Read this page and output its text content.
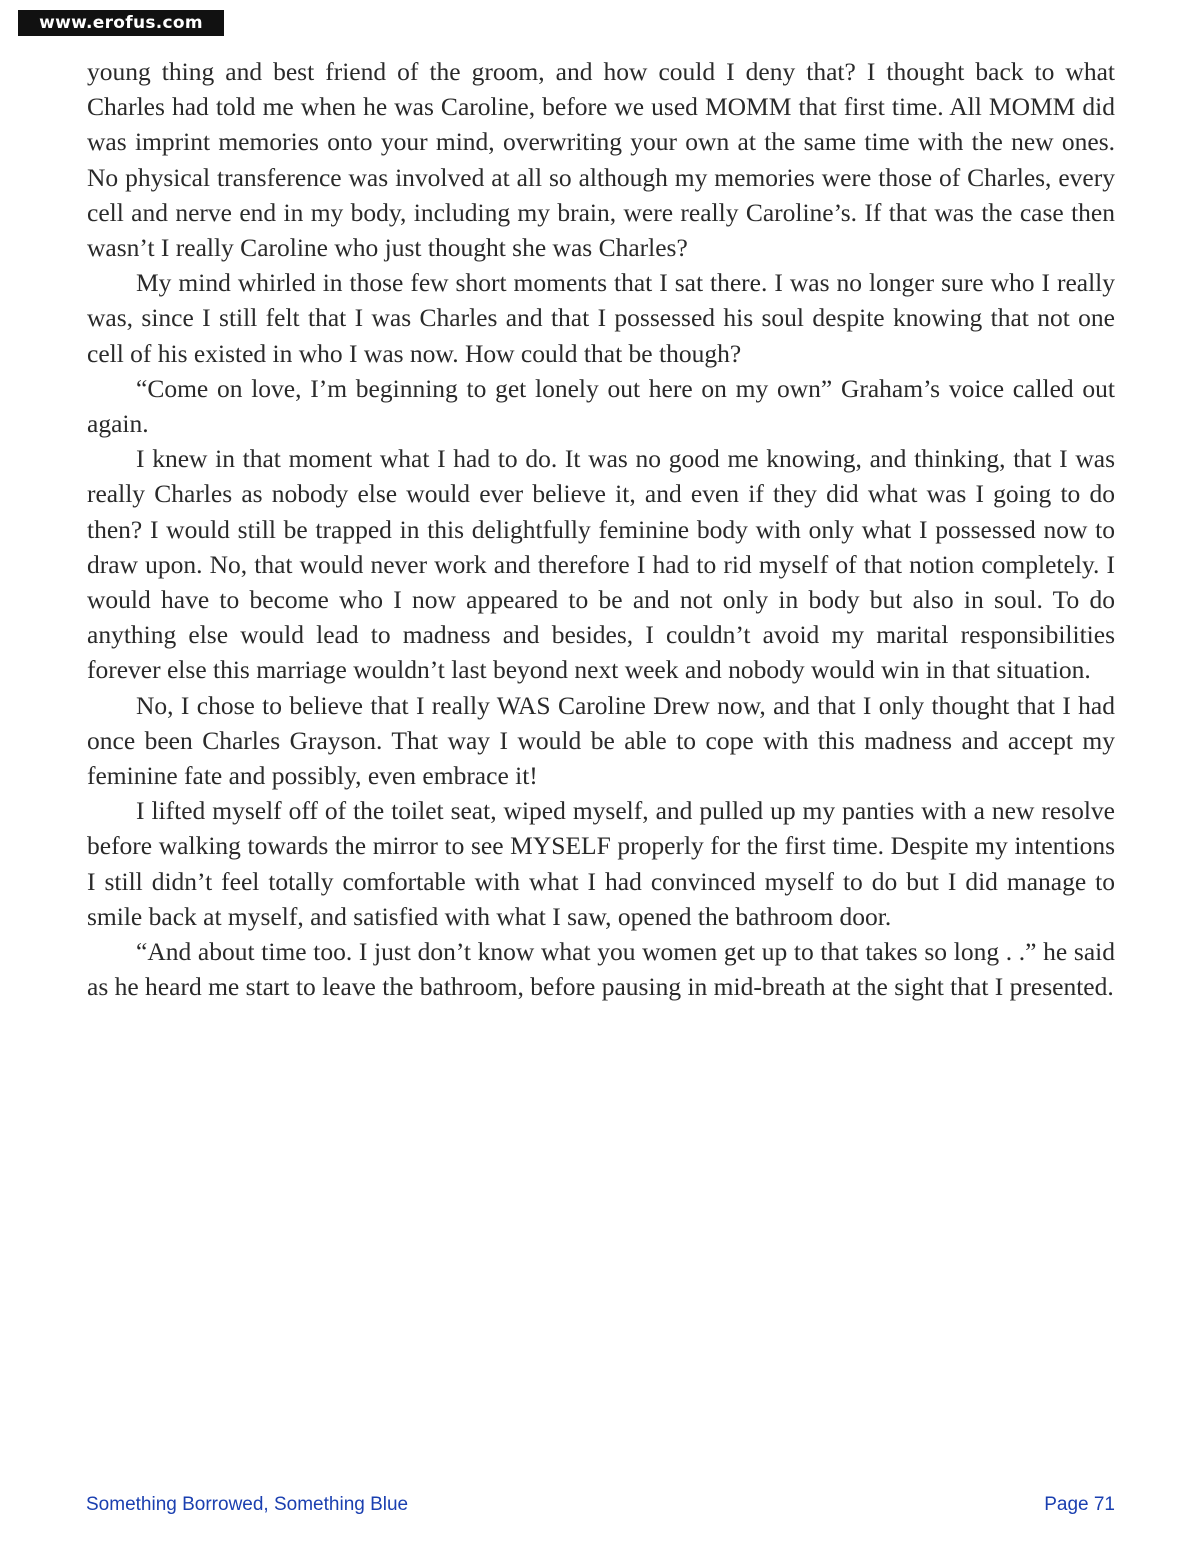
www.erofus.com

young thing and best friend of the groom, and how could I deny that? I thought back to what Charles had told me when he was Caroline, before we used MOMM that first time. All MOMM did was imprint memories onto your mind, overwriting your own at the same time with the new ones. No physical transference was involved at all so although my memories were those of Charles, every cell and nerve end in my body, including my brain, were really Caroline’s. If that was the case then wasn’t I really Caroline who just thought she was Charles?

My mind whirled in those few short moments that I sat there. I was no longer sure who I really was, since I still felt that I was Charles and that I possessed his soul despite knowing that not one cell of his existed in who I was now. How could that be though?

“Come on love, I’m beginning to get lonely out here on my own” Graham’s voice called out again.

I knew in that moment what I had to do. It was no good me knowing, and thinking, that I was really Charles as nobody else would ever believe it, and even if they did what was I going to do then? I would still be trapped in this delightfully feminine body with only what I possessed now to draw upon. No, that would never work and therefore I had to rid myself of that notion completely. I would have to become who I now appeared to be and not only in body but also in soul. To do anything else would lead to madness and besides, I couldn’t avoid my marital responsibilities forever else this marriage wouldn’t last beyond next week and nobody would win in that situation.

No, I chose to believe that I really WAS Caroline Drew now, and that I only thought that I had once been Charles Grayson. That way I would be able to cope with this madness and accept my feminine fate and possibly, even embrace it!

I lifted myself off of the toilet seat, wiped myself, and pulled up my panties with a new resolve before walking towards the mirror to see MYSELF properly for the first time. Despite my intentions I still didn’t feel totally comfortable with what I had convinced myself to do but I did manage to smile back at myself, and satisfied with what I saw, opened the bathroom door.

“And about time too. I just don’t know what you women get up to that takes so long . .” he said as he heard me start to leave the bathroom, before pausing in mid-breath at the sight that I presented.

Something Borrowed, Something Blue	Page 71
